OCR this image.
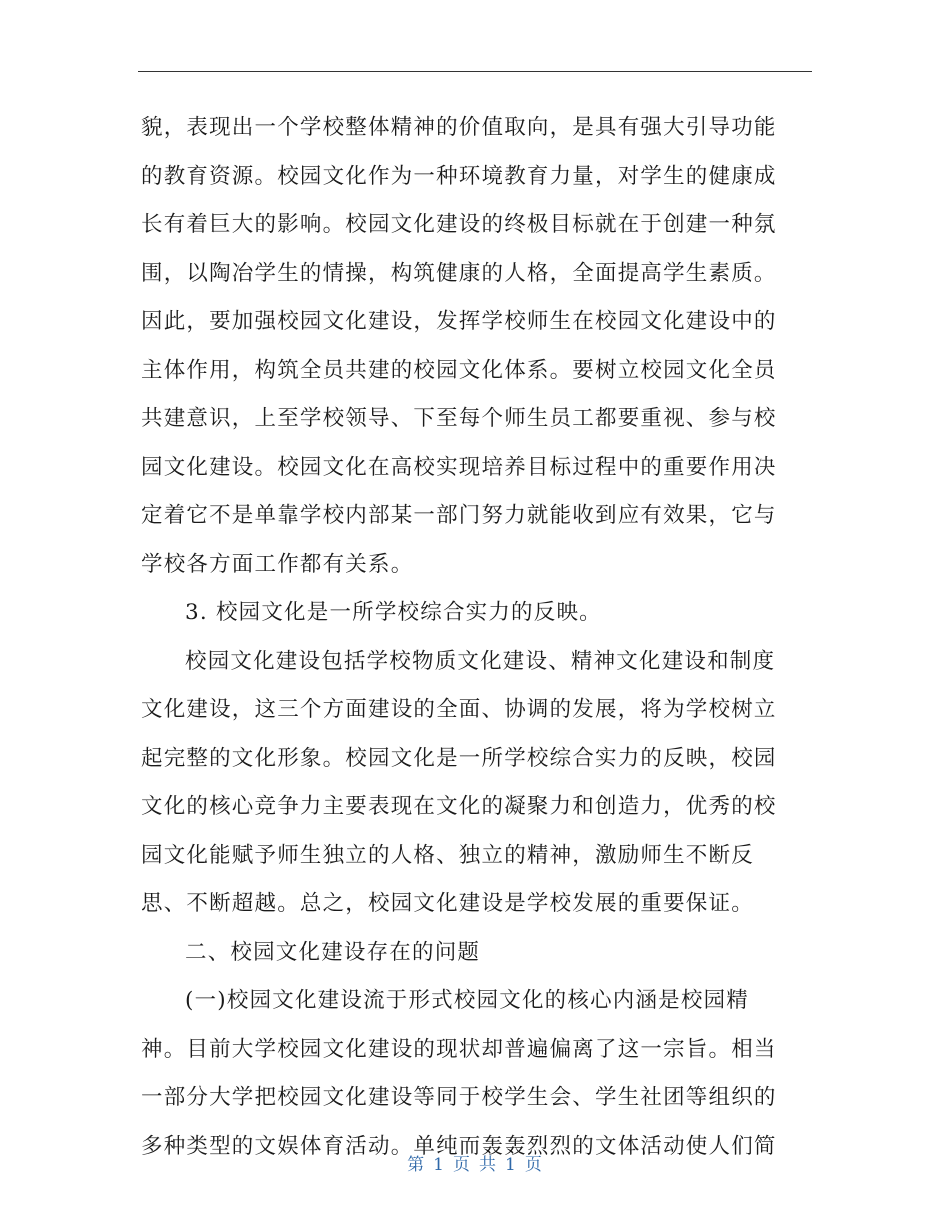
貌，表现出一个学校整体精神的价值取向，是具有强大引导功能
的教育资源。校园文化作为一种环境教育力量，对学生的健康成
长有着巨大的影响。校园文化建设的终极目标就在于创建一种氛
围，以陶冶学生的情操，构筑健康的人格，全面提高学生素质。
因此，要加强校园文化建设，发挥学校师生在校园文化建设中的
主体作用，构筑全员共建的校园文化体系。要树立校园文化全员
共建意识，上至学校领导、下至每个师生员工都要重视、参与校
园文化建设。校园文化在高校实现培养目标过程中的重要作用决
定着它不是单靠学校内部某一部门努力就能收到应有效果，它与
学校各方面工作都有关系。
3. 校园文化是一所学校综合实力的反映。
校园文化建设包括学校物质文化建设、精神文化建设和制度
文化建设，这三个方面建设的全面、协调的发展，将为学校树立
起完整的文化形象。校园文化是一所学校综合实力的反映，校园
文化的核心竞争力主要表现在文化的凝聚力和创造力，优秀的校
园文化能赋予师生独立的人格、独立的精神，激励师生不断反
思、不断超越。总之，校园文化建设是学校发展的重要保证。
二、校园文化建设存在的问题
(一)校园文化建设流于形式校园文化的核心内涵是校园精
神。目前大学校园文化建设的现状却普遍偏离了这一宗旨。相当
一部分大学把校园文化建设等同于校学生会、学生社团等组织的
多种类型的文娱体育活动。单纯而轰轰烈烈的文体活动使人们简
第 1 页 共 1 页
